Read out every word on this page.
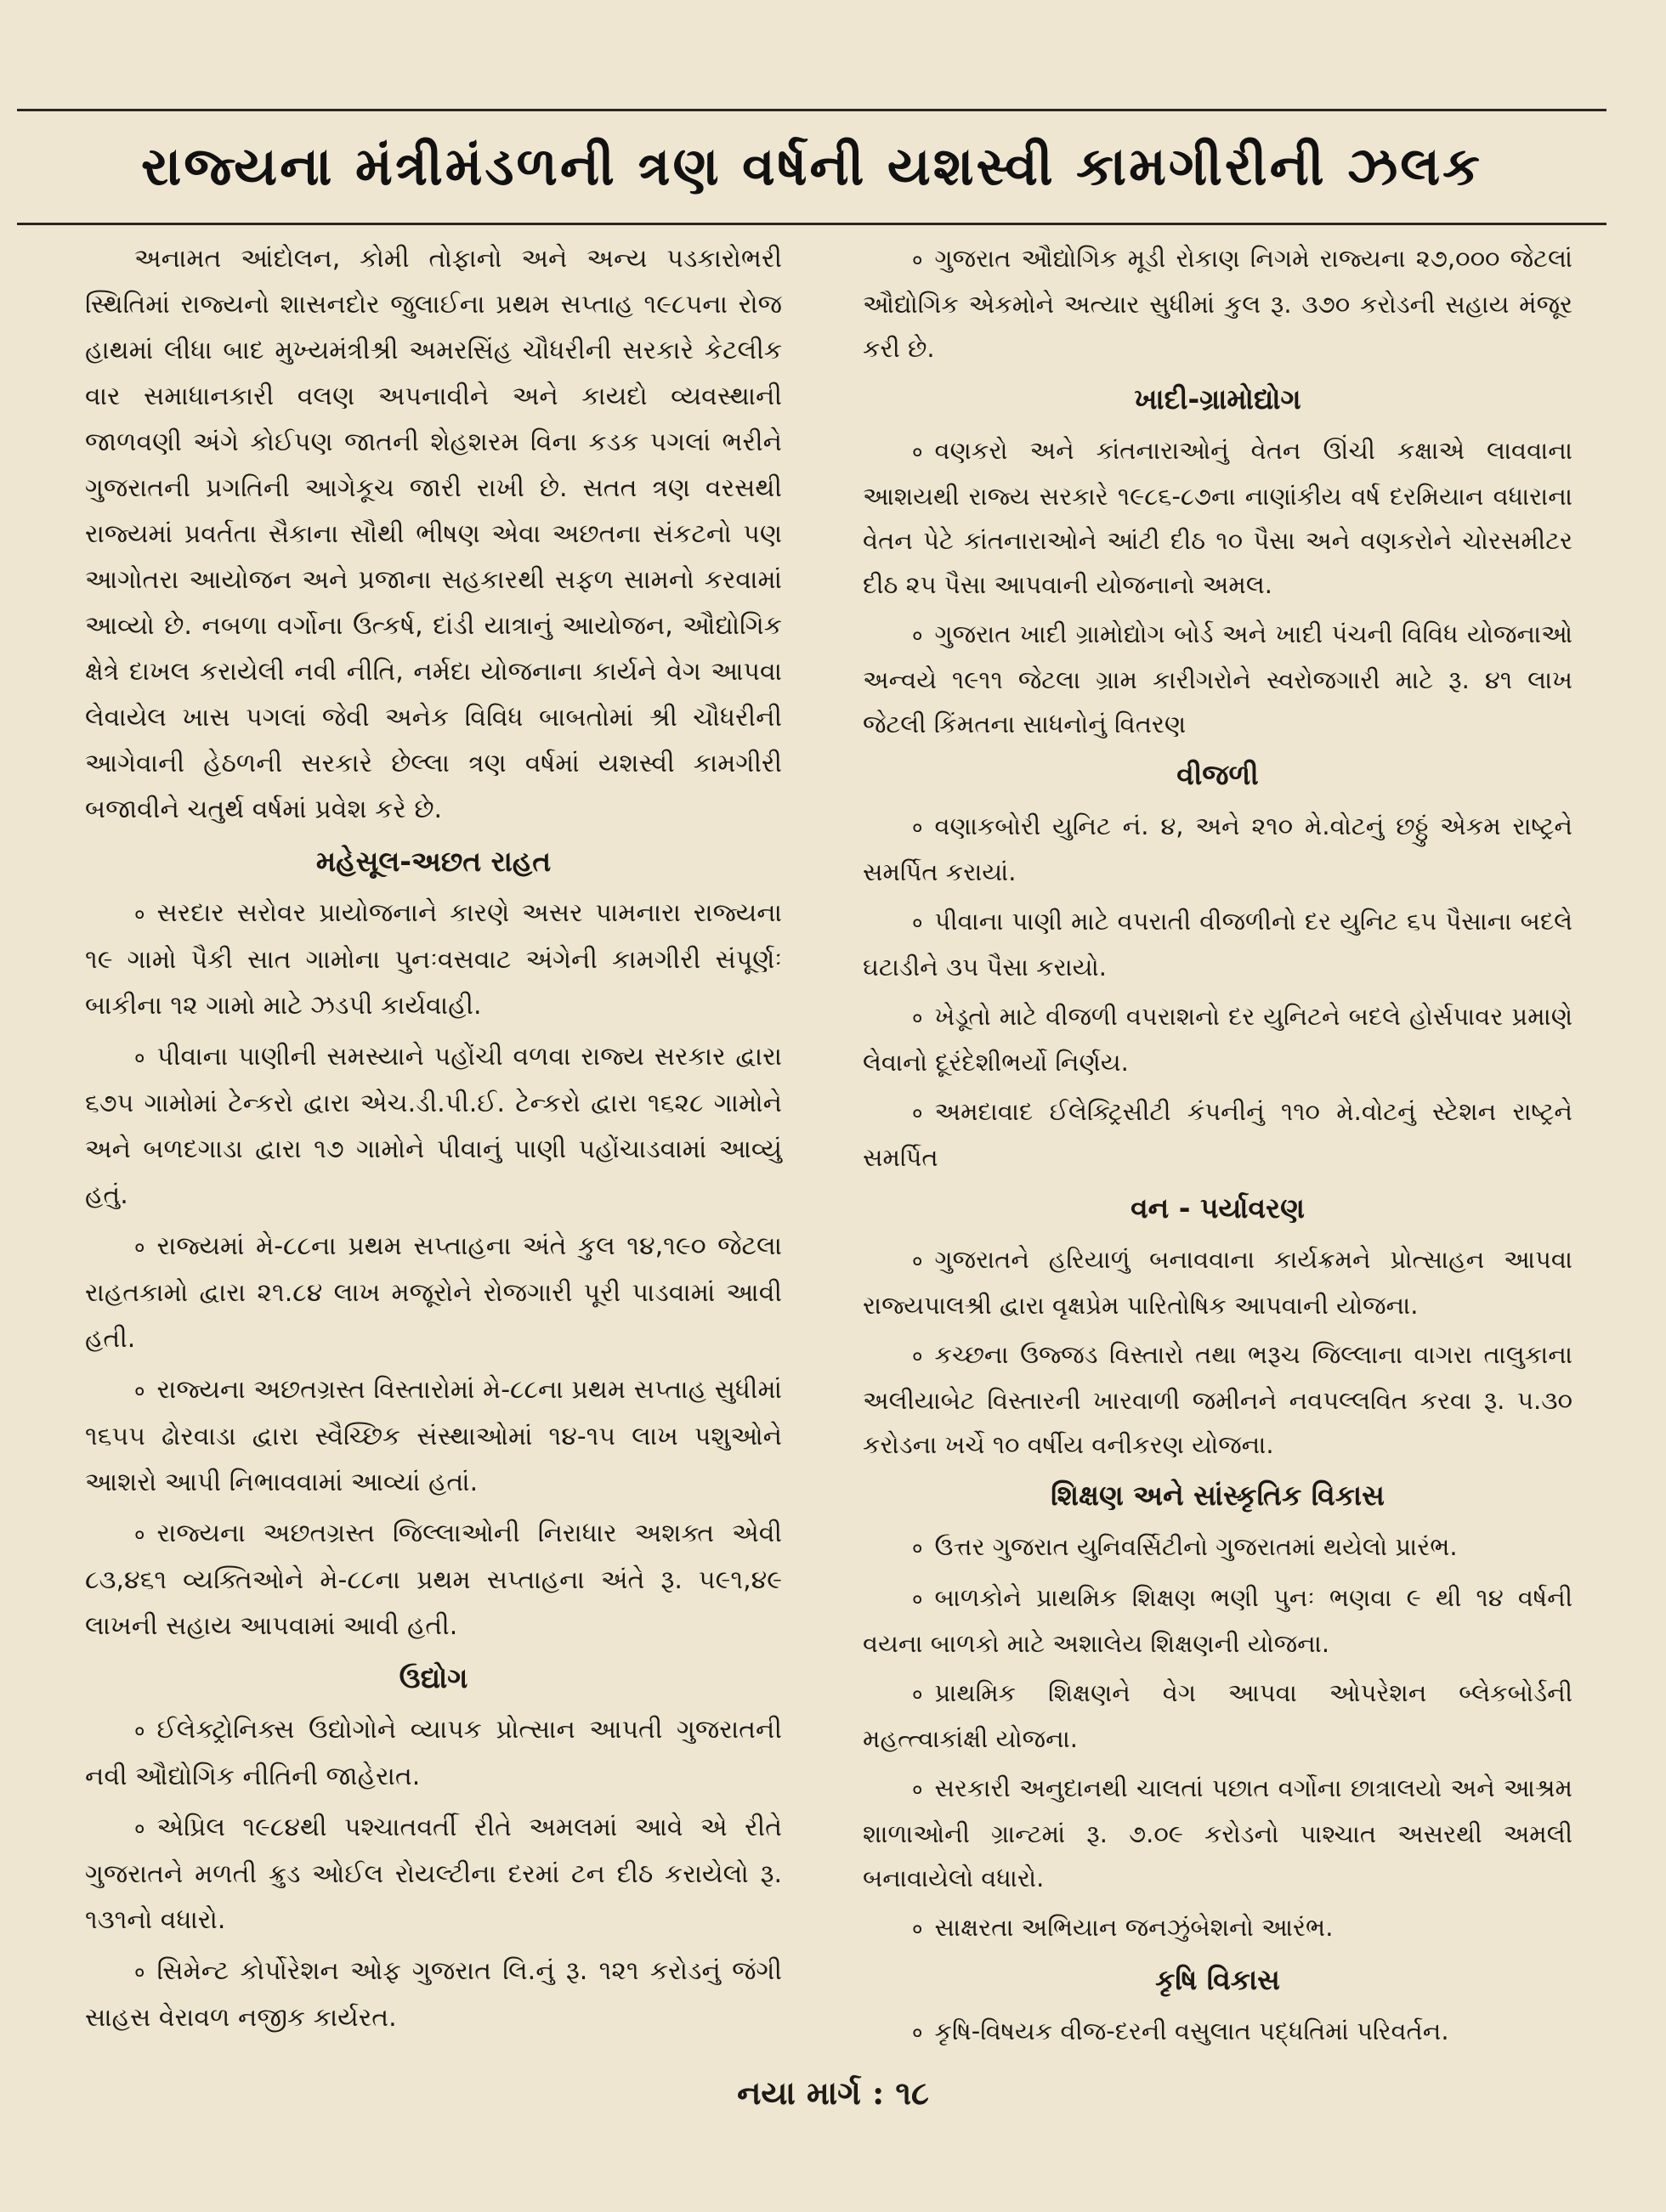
રાજ્યના મંત્રીમંડળની ત્રણ વર્ષની યશસ્વી કામગીરીની ઝલક

અનામત આંદોલન, કોમી તોફાનો અને અન્ય પડકારોભરી સ્થિતિમાં રાજ્યનો શાસનદોર જુલાઈના પ્રથમ સપ્તાહ ૧૯૮૫ના રોજ હાથમાં લીધા બાદ મુખ્યમંત્રીશ્રી અમરસિંહ ચૌધરીની સરકારે કેટલીક વાર સમાધાનકારી વલણ અપનાવીને અને કાયદો વ્યવસ્થાની જાળવણી અંગે કોઈપણ જાતની શેહશરમ વિના કડક પગલાં ભરીને ગુજરાતની પ્રગતિની આગેકૂચ જારી રાખી છે. સતત ત્રણ વરસથી રાજ્યમાં પ્રવર્તતા સૈકાના સૌથી ભીષણ એવા અછતના સંકટનો પણ આગોતરા આયોજન અને પ્રજાના સહકારથી સફળ સામનો કરવામાં આવ્યો છે. નબળા વર્ગોના ઉત્કર્ષ, દાંડી યાત્રાનું આયોજન, ઔદ્યોગિક ક્ષેત્રે દાખલ કરાયેલી નવી નીતિ, નર્મદા યોજનાના કાર્યને વેગ આપવા લેવાયેલ ખાસ પગલાં જેવી અનેક વિવિધ બાબતોમાં શ્રી ચૌધરીની આગેવાની હેઠળની સરકારે છેલ્લા ત્રણ વર્ષમાં યશસ્વી કામગીરી બજાવીને ચતુર્થ વર્ષમાં પ્રવેશ કરે છે.

મહેસૂલ-અછત રાહત

० સરદાર સરોવર પ્રાયોજનાને કારણે અસર પામનારા રાજ્યના ૧૯ ગામો પૈકી સાત ગામોના પુનઃવસવાટ અંગેની કામગીરી સંપૂર્ણઃ બાકીના ૧૨ ગામો માટે ઝડપી કાર્યવાહી.

० પીવાના પાણીની સમસ્યાને પહોંચી વળવા રાજ્ય સરકાર દ્વારા ૬૭૫ ગામોમાં ટેન્કરો દ્વારા એચ.ડી.પી.ઈ. ટેન્કરો દ્વારા ૧૬૨૮ ગામોને અને બળદગાડા દ્વારા ૧૭ ગામોને પીવાનું પાણી પહોંચાડવામાં આવ્યું હતું.

० રાજ્યમાં મે-૮૮ના પ્રથમ સપ્તાહના અંતે કુલ ૧૪,૧૯૦ જેટલા રાહતકામો દ્વારા ૨૧.૮૪ લાખ મજૂરોને રોજગારી પૂરી પાડવામાં આવી હતી.

० રાજ્યના અછતગ્રસ્ત વિસ્તારોમાં મે-૮૮ના પ્રથમ સપ્તાહ સુધીમાં ૧૬૫૫ ઢોરવાડા દ્વારા સ્વૈચ્છિક સંસ્થાઓમાં ૧૪-૧૫ લાખ પશુઓને આશરો આપી નિભાવવામાં આવ્યાં હતાં.

० રાજ્યના અછતગ્રસ્ત જિલ્લાઓની નિરાધાર અશક્ત એવી ૮૩,૪૬૧ વ્યક્તિઓને મે-૮૮ના પ્રથમ સપ્તાહના અંતે રૂ. ૫૯૧,૪૯ લાખની સહાય આપવામાં આવી હતી.

ઉદ્યોગ

० ઈલેક્ટ્રોનિક્સ ઉદ્યોગોને વ્યાપક પ્રોત્સાન આપતી ગુજરાતની નવી ઔદ્યોગિક નીતિની જાહેરાત.

० એપ્રિલ ૧૯૮૪થી પશ્ચાતવર્તી રીતે અમલમાં આવે એ રીતે ગુજરાતને મળતી ક્રુડ ઓઈલ રોયલ્ટીના દરમાં ટન દીઠ કરાયેલો રૂ. ૧૩૧નો વધારો.

० સિમેન્ટ કોર્પોરેશન ઓફ ગુજરાત લિ.નું રૂ. ૧૨૧ કરોડનું જંગી સાહસ વેરાવળ નજીક કાર્યરત.

० ગુજરાત ઔદ્યોગિક મૂડી રોકાણ નિગમે રાજ્યના ૨૭,૦૦૦ જેટલાં ઔદ્યોગિક એકમોને અત્યાર સુધીમાં કુલ રૂ. ૩૭૦ કરોડની સહાય મંજૂર કરી છે.

ખાદી-ગ્રામોદ્યોગ

० વણકરો અને કાંતનારાઓનું વેતન ઊંચી કક્ષાએ લાવવાના આશયથી રાજ્ય સરકારે ૧૯૮૬-૮૭ના નાણાંકીય વર્ષ દરમિયાન વધારાના વેતન પેટે કાંતનારાઓને આંટી દીઠ ૧૦ પૈસા અને વણકરોને ચોરસમીટર દીઠ ૨૫ પૈસા આપવાની યોજનાનો અમલ.

० ગુજરાત ખાદી ગ્રામોદ્યોગ બોર્ડ અને ખાદી પંચની વિવિધ યોજનાઓ અન્વયે ૧૯૧૧ જેટલા ગ્રામ કારીગરોને સ્વરોજગારી માટે રૂ. ૪૧ લાખ જેટલી કિંમતના સાધનોનું વિતરણ

વીજળી

० વણાકબોરી યુનિટ નં. ૪, અને ૨૧૦ મે.વોટનું છઠ્ઠું એકમ રાષ્ટ્રને સમર્પિત કરાયાં.

० પીવાના પાણી માટે વપરાતી વીજળીનો દર યુનિટ ૬૫ પૈસાના બદલે ઘટાડીને ૩૫ પૈસા કરાયો.

० ખેડૂતો માટે વીજળી વપરાશનો દર યુનિટને બદલે હોર્સપાવર પ્રમાણે લેવાનો દૂરંદેશીભર્યો નિર્ણય.

० અમદાવાદ ઈલેક્ટ્રિસીટી કંપનીનું ૧૧૦ મે.વોટનું સ્ટેશન રાષ્ટ્રને સમર્પિત

વન - પર્યાવરણ

० ગુજરાતને હરિયાળું બનાવવાના કાર્યક્રમને પ્રોત્સાહન આપવા રાજ્યપાલશ્રી દ્વારા વૃક્ષપ્રેમ પારિતોષિક આપવાની યોજના.

० કચ્છના ઉજ્જડ વિસ્તારો તથા ભરૂચ જિલ્લાના વાગરા તાલુકાના અલીયાબેટ વિસ્તારની ખારવાળી જમીનને નવપલ્લવિત કરવા રૂ. ૫.૩૦ કરોડના ખર્ચે ૧૦ વર્ષીય વનીકરણ યોજના.

શિક્ષણ અને સાંસ્કૃતિક વિકાસ

० ઉત્તર ગુજરાત યુનિવર્સિટીનો ગુજરાતમાં થયેલો પ્રારંભ.

० બાળકોને પ્રાથમિક શિક્ષણ ભણી પુનઃ ભણવા ૯ થી ૧૪ વર્ષની વયના બાળકો માટે અશાલેય શિક્ષણની યોજના.

० પ્રાથમિક શિક્ષણને વેગ આપવા ઓપરેશન બ્લેકબોર્ડની મહત્ત્વાકાંક્ષી યોજના.

० સરકારી અનુદાનથી ચાલતાં પછાત વર્ગોના છાત્રાલયો અને આશ્રમ શાળાઓની ગ્રાન્ટમાં રૂ. ૭.૦૯ કરોડનો પાશ્ચાત અસરથી અમલી બનાવાયેલો વધારો.

० સાક્ષરતા અભિયાન જનઝુંબેશનો આરંભ.

કૃષિ વિકાસ

० કૃષિ-વિષયક વીજ-દરની વસુલાત પદ્ધતિમાં પરિવર્તન.

નયા માર્ગ : ૧૮
